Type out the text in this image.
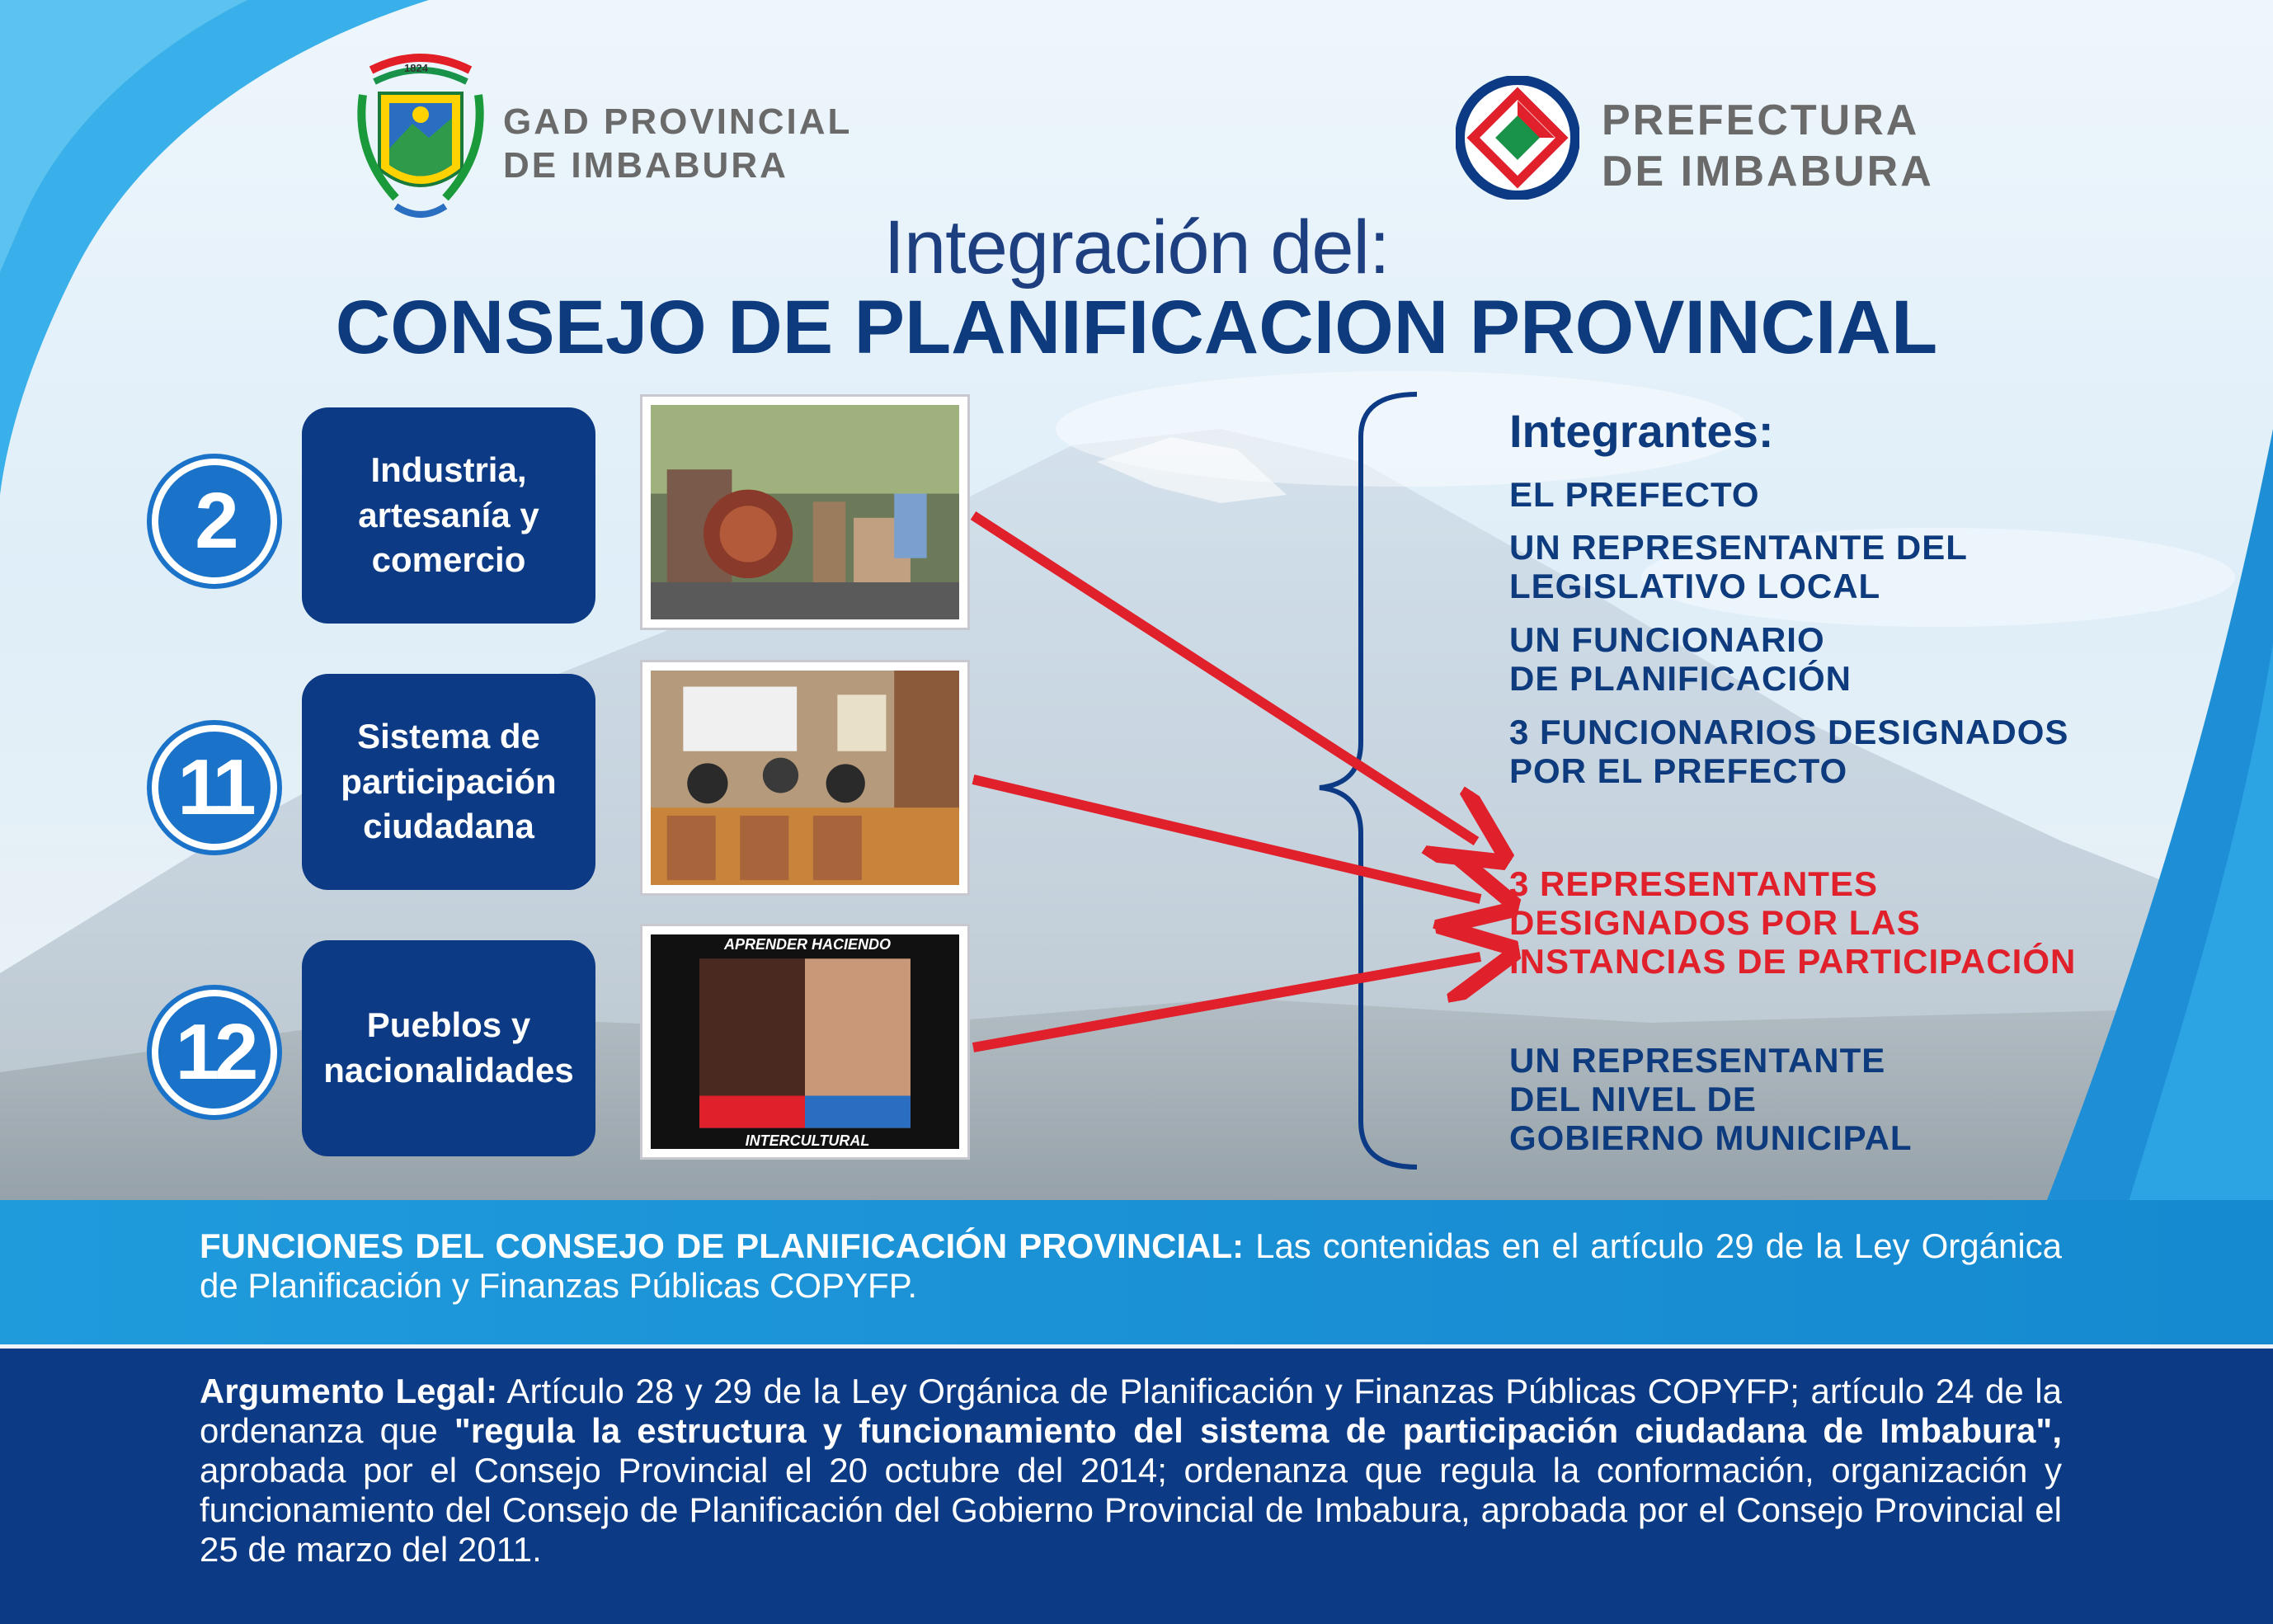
1824
GAD PROVINCIAL
DE IMBABURA
PREFECTURA
DE IMBABURA
Integración del:
CONSEJO DE PLANIFICACION PROVINCIAL
2
Industria,
artesanía y
comercio
11
Sistema de
participación
ciudadana
12	Pueblos y
nacionalidades
APRENDER HACIENDO
INTERCULTURAL
Integrantes:
EL PREFECTO
UN REPRESENTANTE DEL
LEGISLATIVO LOCAL
UN FUNCIONARIO
DE PLANIFICACIÓN
3 FUNCIONARIOS DESIGNADOS
POR EL PREFECTO
3 REPRESENTANTES
DESIGNADOS POR LAS
INSTANCIAS DE PARTICIPACIÓN
UN REPRESENTANTE
DEL NIVEL DE
GOBIERNO MUNICIPAL
FUNCIONES DEL CONSEJO DE PLANIFICACIÓN PROVINCIAL: Las contenidas en el artículo 29 de la Ley Orgánica de Planificación y Finanzas Públicas COPYFP.
Argumento Legal: Artículo 28 y 29 de la Ley Orgánica de Planificación y Finanzas Públicas COPYFP; artículo 24 de la ordenanza que "regula la estructura y funcionamiento del sistema de participación ciudadana de Imbabura", aprobada por el Consejo Provincial el 20 octubre del 2014; ordenanza que regula la conformación, organización y funcionamiento del Consejo de Planificación del Gobierno Provincial de Imbabura, aprobada por el Consejo Provincial el 25 de marzo del 2011.
